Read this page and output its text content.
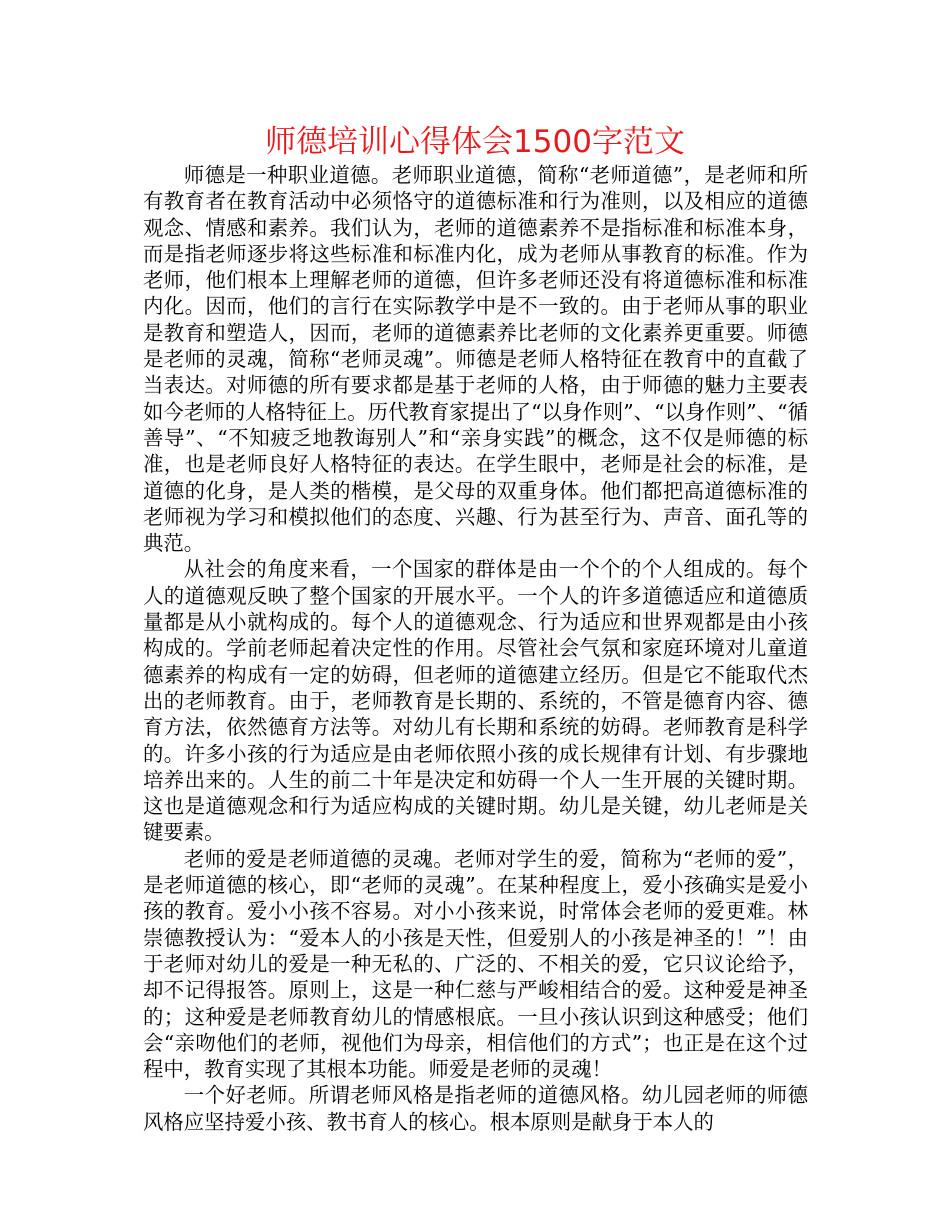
师德培训心得体会1500字范文

师德是一种职业道德。老师职业道德，简称“老师道德”，是老师和所有教育者在教育活动中必须恪守的道德标准和行为准则，以及相应的道德观念、情感和素养。我们认为，老师的道德素养不是指标准和标准本身，而是指老师逐步将这些标准和标准内化，成为老师从事教育的标准。作为老师，他们根本上理解老师的道德，但许多老师还没有将道德标准和标准内化。因而，他们的言行在实际教学中是不一致的。由于老师从事的职业是教育和塑造人，因而，老师的道德素养比老师的文化素养更重要。师德是老师的灵魂，简称“老师灵魂”。师德是老师人格特征在教育中的直截了当表达。对师德的所有要求都是基于老师的人格，由于师德的魅力主要表如今老师的人格特征上。历代教育家提出了“以身作则”、“以身作则”、“循善导”、“不知疲乏地教诲别人”和“亲身实践”的概念，这不仅是师德的标准，也是老师良好人格特征的表达。在学生眼中，老师是社会的标准，是道德的化身，是人类的楷模，是父母的双重身体。他们都把高道德标准的老师视为学习和模拟他们的态度、兴趣、行为甚至行为、声音、面孔等的典范。

从社会的角度来看，一个国家的群体是由一个个的个人组成的。每个人的道德观反映了整个国家的开展水平。一个人的许多道德适应和道德质量都是从小就构成的。每个人的道德观念、行为适应和世界观都是由小孩构成的。学前老师起着决定性的作用。尽管社会气氛和家庭环境对儿童道德素养的构成有一定的妨碍，但老师的道德建立经历。但是它不能取代杰出的老师教育。由于，老师教育是长期的、系统的，不管是德育内容、德育方法，依然德育方法等。对幼儿有长期和系统的妨碍。老师教育是科学的。许多小孩的行为适应是由老师依照小孩的成长规律有计划、有步骤地培养出来的。人生的前二十年是决定和妨碍一个人一生开展的关键时期。这也是道德观念和行为适应构成的关键时期。幼儿是关键，幼儿老师是关键要素。

老师的爱是老师道德的灵魂。老师对学生的爱，简称为“老师的爱”，是老师道德的核心，即“老师的灵魂”。在某种程度上，爱小孩确实是爱小孩的教育。爱小小孩不容易。对小小孩来说，时常体会老师的爱更难。林崇德教授认为：“爱本人的小孩是天性，但爱别人的小孩是神圣的！”！由于老师对幼儿的爱是一种无私的、广泛的、不相关的爱，它只议论给予，却不记得报答。原则上，这是一种仁慈与严峻相结合的爱。这种爱是神圣的；这种爱是老师教育幼儿的情感根底。一旦小孩认识到这种感受；他们会“亲吻他们的老师，视他们为母亲，相信他们的方式”；也正是在这个过程中，教育实现了其根本功能。师爱是老师的灵魂！

一个好老师。所谓老师风格是指老师的道德风格。幼儿园老师的师德风格应坚持爱小孩、教书育人的核心。根本原则是献身于本人的
